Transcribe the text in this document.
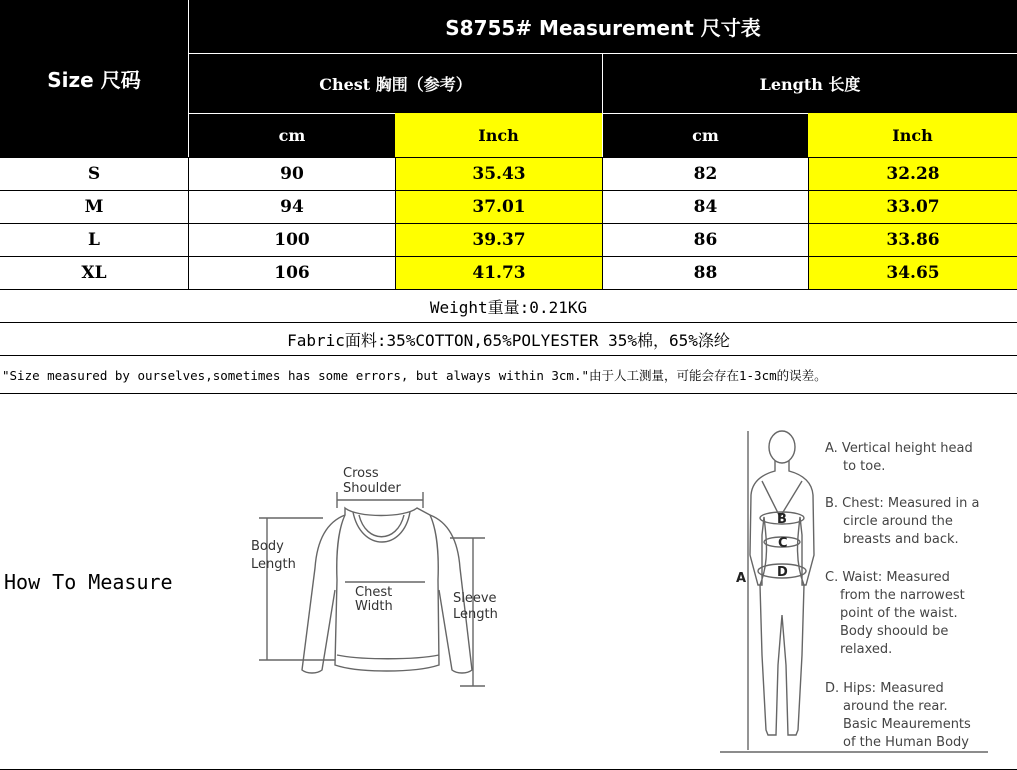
Size 尺码
S8755# Measurement 尺寸表
Chest 胸围（参考）	Length 长度
cm	Inch	cm	Inch
S	90	35.43	82	32.28
M	94	37.01	84	33.07
L	100	39.37	86	33.86
XL	106	41.73	88	34.65
Weight重量:0.21KG
Fabric面料:35%COTTON,65%POLYESTER 35%棉，65%涤纶
"Size measured by ourselves,sometimes has some errors, but always within 3cm."由于人工测量，可能会存在1-3cm的误差。
How To Measure
Cross
Shoulder
Body
Length
Chest
Width
Sleeve
Length
A
B
C
D
A. Vertical height head
to toe.
B. Chest: Measured in a
circle around the
breasts and back.
C. Waist: Measured
from the narrowest
point of the waist.
Body shoould be
relaxed.
D. Hips: Measured
around the rear.
Basic Meaurements
of the Human Body
